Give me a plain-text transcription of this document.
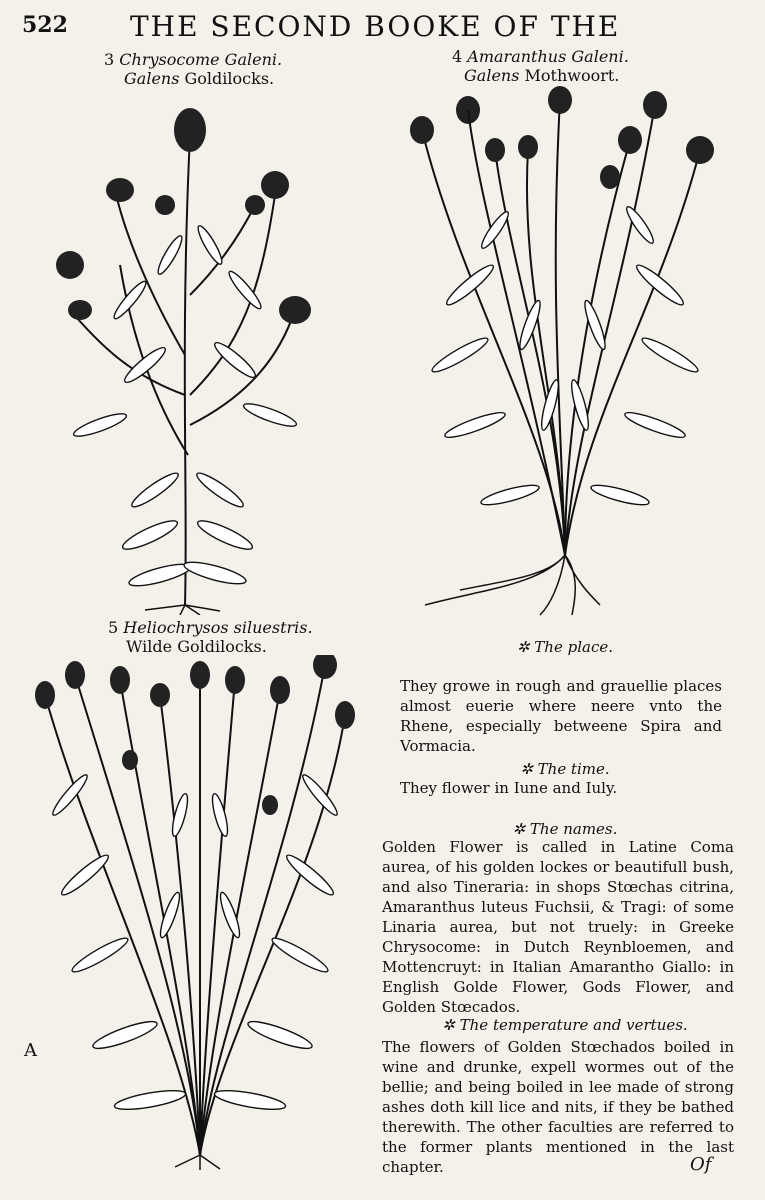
522 THE SECOND BOOKE OF THE
3 Chrysocome Galeni.
Galens Goldilocks.
4 Amaranthus Galeni.
Galens Mothwoort.
5 Heliochrysos siluestris.
Wilde Goldilocks.
A
✲ The place.

They growe in rough and grauellie places almost euerie where neere vnto the Rhene, especially betweene Spira and Vormacia.

✲ The time.

They flower in Iune and Iuly.

✲ The names.

Golden Flower is called in Latine Coma aurea, of his golden lockes or beautifull bush, and also Tineraria: in shops Stœchas citrina, Amaranthus luteus Fuchsii, & Tragi: of some Linaria aurea, but not truely: in Greeke Chrysocome: in Dutch Reynbloemen, and Mottencruyt: in Italian Amarantho Giallo: in English Golde Flower, Gods Flower, and Golden Stœcados.

✲ The temperature and vertues.

The flowers of Golden Stœchados boiled in wine and drunke, expell wormes out of the bellie; and being boiled in lee made of strong ashes doth kill lice and nits, if they be bathed therewith. The other faculties are referred to the former plants mentioned in the last chapter.	Of
